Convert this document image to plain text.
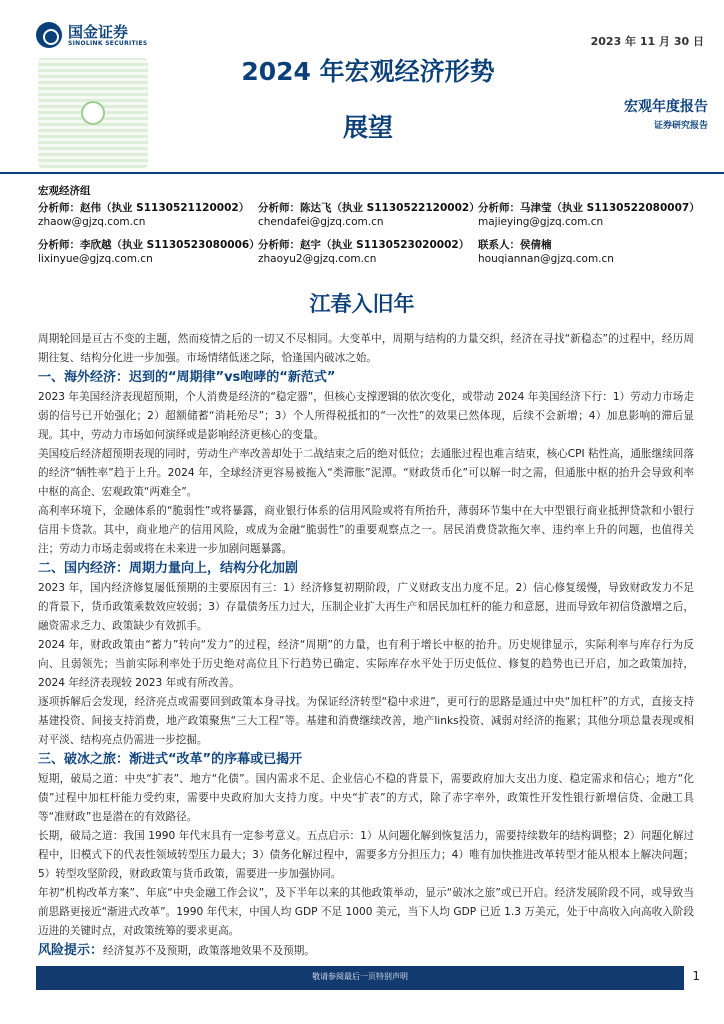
国金证券
SINOLINK SECURITIES	2023 年 11 月 30 日
2024 年宏观经济形势
展望
宏观年度报告
证券研究报告
宏观经济组
分析师：赵伟（执业 S1130521120002）
zhaow@gjzq.com.cn
分析师：陈达飞（执业 S1130522120002）
chendafei@gjzq.com.cn
分析师：马津莹（执业 S1130522080007）
majieying@gjzq.com.cn
分析师：李欣越（执业 S1130523080006）
lixinyue@gjzq.com.cn
分析师：赵宇（执业 S1130523020002）
zhaoyu2@gjzq.com.cn
联系人：侯倩楠
houqiannan@gjzq.com.cn
江春入旧年

周期轮回是亘古不变的主题，然而疫情之后的一切又不尽相同。大变革中，周期与结构的力量交织，经济在寻找“新稳态”的过程中，经历周期往复、结构分化进一步加强。市场情绪低迷之际，恰逢国内破冰之始。

一、海外经济：迟到的“周期律”vs咆哮的“新范式”

2023 年美国经济表现超预期，个人消费是经济的“稳定器”，但核心支撑逻辑的依次变化，或带动 2024 年美国经济下行：1）劳动力市场走弱的信号已开始强化；2）超额储蓄“消耗殆尽”；3）个人所得税抵扣的“一次性”的效果已然体现，后续不会新增；4）加息影响的滞后显现。其中，劳动力市场如何演绎或是影响经济更核心的变量。

美国疫后经济超预期表现的同时，劳动生产率改善却处于二战结束之后的绝对低位；去通胀过程也难言结束，核心CPI 粘性高，通胀继续回落的经济“牺牲率”趋于上升。2024 年，全球经济更容易被拖入“类滞胀”泥潭。“财政货币化”可以解一时之需，但通胀中枢的抬升会导致利率中枢的高企、宏观政策“两难全”。

高利率环境下，金融体系的“脆弱性”或将暴露，商业银行体系的信用风险或将有所抬升，薄弱环节集中在大中型银行商业抵押贷款和小银行信用卡贷款。其中，商业地产的信用风险，或成为金融“脆弱性”的重要观察点之一。居民消费贷款拖欠率、违约率上升的问题，也值得关注；劳动力市场走弱或将在未来进一步加剧问题暴露。

二、国内经济：周期力量向上，结构分化加剧

2023 年，国内经济修复屡低预期的主要原因有三：1）经济修复初期阶段，广义财政支出力度不足。2）信心修复缓慢，导致财政发力不足的背景下，货币政策乘数效应较弱；3）存量债务压力过大，压制企业扩大再生产和居民加杠杆的能力和意愿，进而导致年初信贷激增之后，融资需求乏力、政策缺少有效抓手。

2024 年，财政政策由“蓄力”转向“发力”的过程，经济“周期”的力量，也有利于增长中枢的抬升。历史规律显示，实际利率与库存行为反向、且弱领先；当前实际利率处于历史绝对高位且下行趋势已确定、实际库存水平处于历史低位、修复的趋势也已开启，加之政策加持，2024 年经济表现较 2023 年或有所改善。

逐项拆解后会发现，经济亮点或需要回到政策本身寻找。为保证经济转型“稳中求进”，更可行的思路是通过中央“加杠杆”的方式，直接支持基建投资、间接支持消费，地产政策聚焦“三大工程”等。基建和消费继续改善，地产links投资、减弱对经济的拖累；其他分项总量表现或相对平淡、结构亮点仍需进一步挖掘。

三、破冰之旅：渐进式“改革”的序幕或已揭开

短期，破局之道：中央“扩表”、地方“化债”。国内需求不足、企业信心不稳的背景下，需要政府加大支出力度、稳定需求和信心；地方“化债”过程中加杠杆能力受约束，需要中央政府加大支持力度。中央“扩表”的方式，除了赤字率外，政策性开发性银行新增信贷、金融工具等“准财政”也是潜在的有效路径。

长期，破局之道：我国 1990 年代末具有一定参考意义。五点启示：1）从问题化解到恢复活力，需要持续数年的结构调整；2）问题化解过程中，旧模式下的代表性领域转型压力最大；3）债务化解过程中，需要多方分担压力；4）唯有加快推进改革转型才能从根本上解决问题；5）转型攻坚阶段，财政政策与货币政策，需要进一步加强协同。

年初“机构改革方案”、年底“中央金融工作会议”，及下半年以来的其他政策举动，显示“破冰之旅”或已开启。经济发展阶段不同，或导致当前思路更接近“渐进式改革”。1990 年代末，中国人均 GDP 不足 1000 美元，当下人均 GDP 已近 1.3 万美元，处于中高收入向高收入阶段迈进的关键时点，对政策统筹的要求更高。

风险提示：经济复苏不及预期，政策落地效果不及预期。

敬请参阅最后一页特别声明	1
